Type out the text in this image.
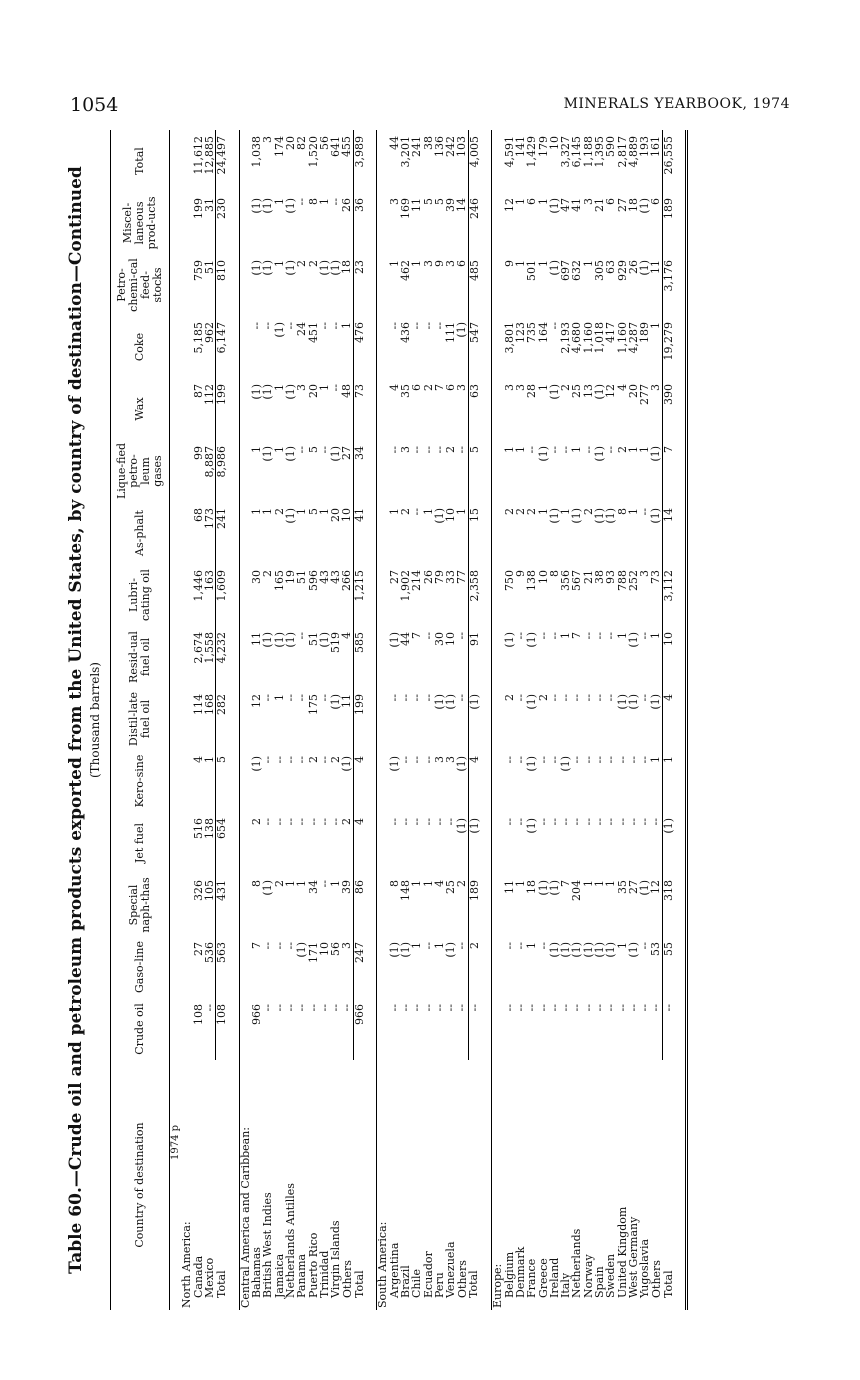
1054	MINERALS YEARBOOK, 1974
Table 60.—Crude oil and petroleum products exported from the United States, by country of destination—Continued (Thousand barrels)
Country of destination	Crude oil	Gaso-line	Special naph-thas	Jet fuel	Kero-sine	Distil-late fuel oil	Resid-ual fuel oil	Lubri-cating oil	As-phalt	Lique-fied petro-leum gases	Wax	Coke	Petro-chemi-cal feed-stocks	Miscel-laneous prod-ucts	Total
1974 p															
North America:															
Canada	108	27	326	516	4	114	2,674	1,446	68	99	87	5,185	759	199	11,612
Mexico	--	536	105	138	1	168	1,558	163	173	8,887	112	962	51	31	12,885
Total	108	563	431	654	5	282	4,232	1,609	241	8,986	199	6,147	810	230	24,497

Central America and Caribbean:															
Bahamas	966	7	8	2	(1)	12	11	30	1	1	(1)	--	(1)	(1)	1,038
British West Indies	--	--	(1)	--	--	--	(1)	2	1	(1)	(1)	--	(1)	(1)	3
Jamaica	--	--	2	--	--	1	(1)	165	2	1	1	(1)	1	1	174
Netherlands Antilles	--	--	1	--	--	--	(1)	19	(1)	(1)	(1)	--	(1)	(1)	20
Panama	--	(1)	1	--	--	--	--	51	1	--	3	24	2	--	82
Puerto Rico	--	171	34	--	2	175	51	596	5	5	20	451	2	8	1,520
Trinidad	--	10	--	--	--	--	(1)	43	1	--	1	--	(1)	1	56
Virgin Islands	--	56	1	--	2	(1)	519	43	20	(1)	--	--	(1)	--	641
Others	--	3	39	2	(1)	11	4	266	10	27	48	1	18	26	455
Total	966	247	86	4	4	199	585	1,215	41	34	73	476	23	36	3,989

South America:															
Argentina	--	(1)	8	--	(1)	--	(1)	27	1	--	4	--	1	3	44
Brazil	--	(1)	148	--	--	--	44	1,902	2	3	35	436	462	169	3,201
Chile	--	1	1	--	--	--	7	214	--	--	6	--	1	11	241
Ecuador	--	--	1	--	--	--	--	26	1	--	2	--	3	5	38
Peru	--	1	4	--	3	(1)	30	79	(1)	--	7	--	9	5	136
Venezuela	--	(1)	25	--	3	(1)	10	33	10	2	6	111	3	39	242
Others	--	--	2	(1)	(1)	--	--	77	1	--	3	(1)	6	14	103
Total	--	2	189	(1)	4	(1)	91	2,358	15	5	63	547	485	246	4,005

Europe:															
Belgium	--	--	11	--	--	2	(1)	750	2	1	3	3,801	9	12	4,591
Denmark	--	--	1	--	--	--	--	9	2	1	3	123	1	1	141
France	--	1	18	(1)	(1)	(1)	(1)	138	2	--	28	735	501	6	1,429
Greece	--	--	(1)	--	--	2	--	10	1	(1)	1	164	1	1	179
Ireland	--	(1)	(1)	--	--	--	--	8	(1)	--	(1)	--	(1)	(1)	10
Italy	--	(1)	7	--	(1)	--	1	356	1	--	2	2,193	697	47	3,327
Netherlands	--	(1)	204	--	--	--	7	567	(1)	1	25	4,680	632	41	6,145
Norway	--	(1)	1	--	--	--	--	21	2	--	13	1,160	1	3	1,188
Spain	--	(1)	1	--	--	--	--	38	(1)	(1)	(1)	1,018	305	21	1,395
Sweden	--	(1)	1	--	--	--	--	93	(1)	--	12	417	63	6	590
United Kingdom	--	1	35	--	--	(1)	1	788	8	2	4	1,160	929	27	2,817
West Germany	--	(1)	27	--	--	(1)	(1)	252	1	1	20	4,287	26	18	4,889
Yugoslavia	--	--	(1)	--	--	--	--	3	--	1	277	189	(1)	(1)	193
Others	--	53	12	--	1	(1)	1	73	(1)	(1)	3	1	11	6	161
Total	--	55	318	(1)	1	4	10	3,112	14	7	390	19,279	3,176	189	26,555
